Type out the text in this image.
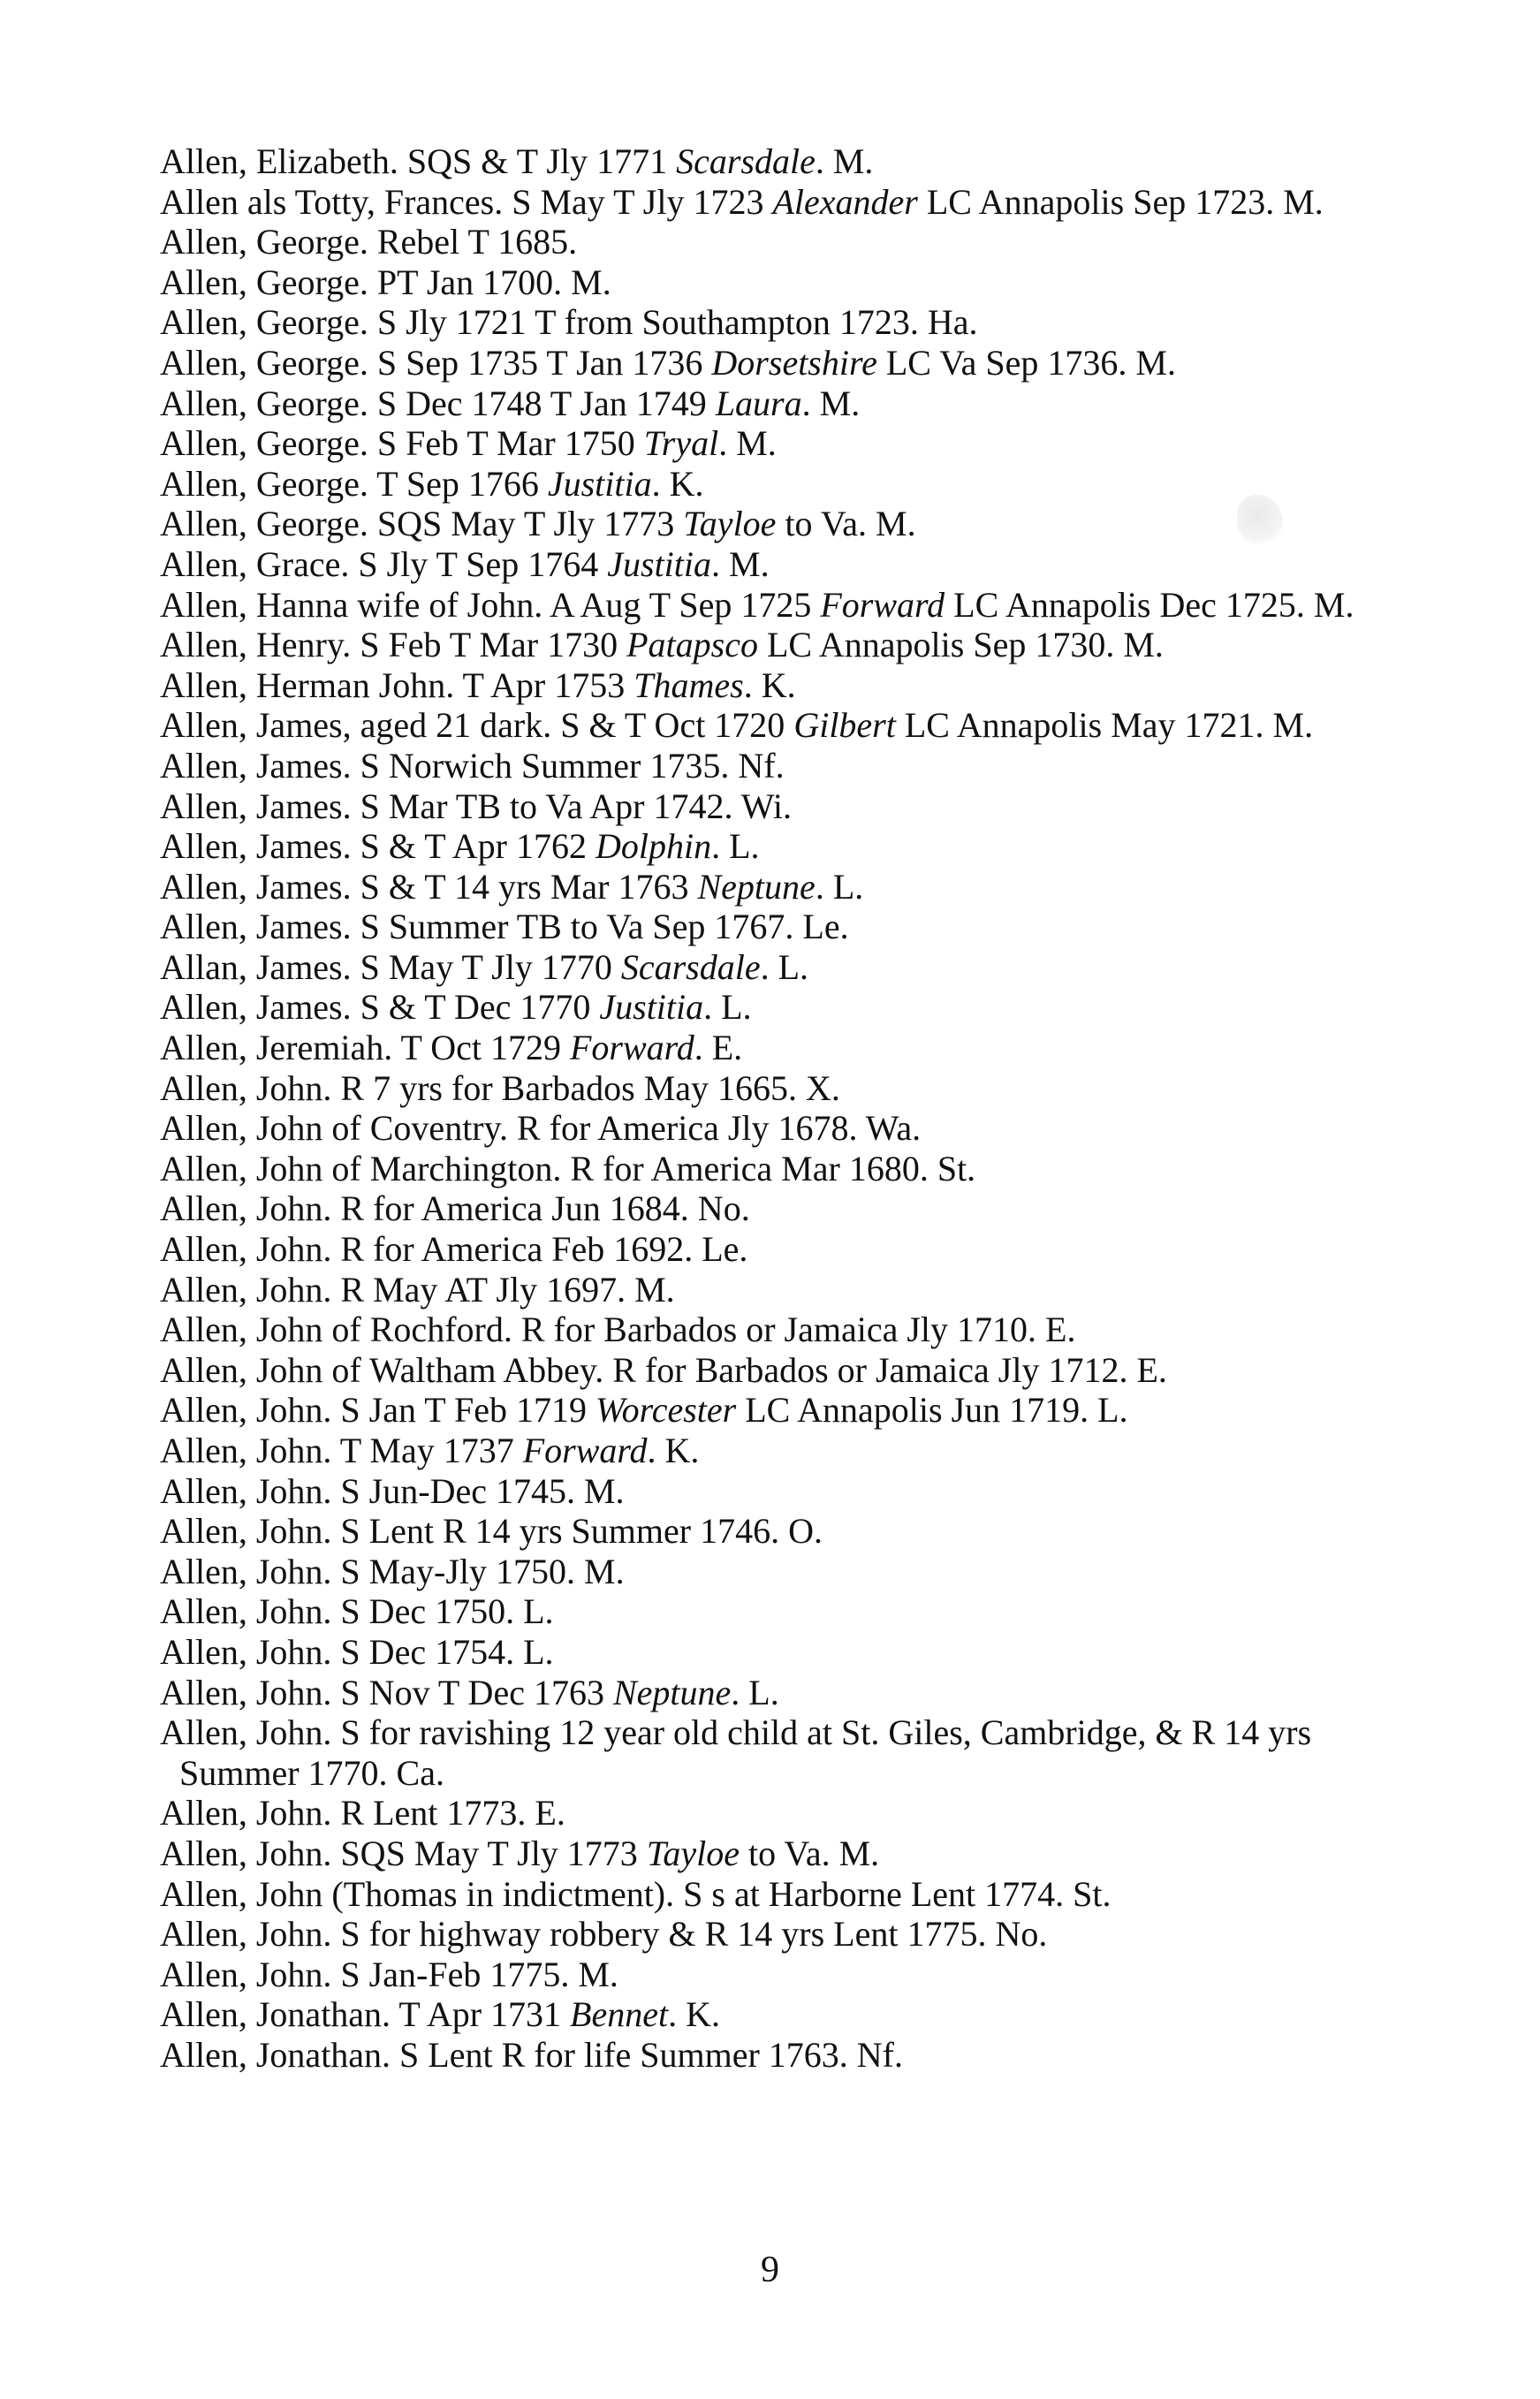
Allen, Elizabeth. SQS & T Jly 1771 Scarsdale. M.
Allen als Totty, Frances. S May T Jly 1723 Alexander LC Annapolis Sep 1723. M.
Allen, George. Rebel T 1685.
Allen, George. PT Jan 1700. M.
Allen, George. S Jly 1721 T from Southampton 1723. Ha.
Allen, George. S Sep 1735 T Jan 1736 Dorsetshire LC Va Sep 1736. M.
Allen, George. S Dec 1748 T Jan 1749 Laura. M.
Allen, George. S Feb T Mar 1750 Tryal. M.
Allen, George. T Sep 1766 Justitia. K.
Allen, George. SQS May T Jly 1773 Tayloe to Va. M.
Allen, Grace. S Jly T Sep 1764 Justitia. M.
Allen, Hanna wife of John. A Aug T Sep 1725 Forward LC Annapolis Dec 1725. M.
Allen, Henry. S Feb T Mar 1730 Patapsco LC Annapolis Sep 1730. M.
Allen, Herman John. T Apr 1753 Thames. K.
Allen, James, aged 21 dark. S & T Oct 1720 Gilbert LC Annapolis May 1721. M.
Allen, James. S Norwich Summer 1735. Nf.
Allen, James. S Mar TB to Va Apr 1742. Wi.
Allen, James. S & T Apr 1762 Dolphin. L.
Allen, James. S & T 14 yrs Mar 1763 Neptune. L.
Allen, James. S Summer TB to Va Sep 1767. Le.
Allan, James. S May T Jly 1770 Scarsdale. L.
Allen, James. S & T Dec 1770 Justitia. L.
Allen, Jeremiah. T Oct 1729 Forward. E.
Allen, John. R 7 yrs for Barbados May 1665. X.
Allen, John of Coventry. R for America Jly 1678. Wa.
Allen, John of Marchington. R for America Mar 1680. St.
Allen, John. R for America Jun 1684. No.
Allen, John. R for America Feb 1692. Le.
Allen, John. R May AT Jly 1697. M.
Allen, John of Rochford. R for Barbados or Jamaica Jly 1710. E.
Allen, John of Waltham Abbey. R for Barbados or Jamaica Jly 1712. E.
Allen, John. S Jan T Feb 1719 Worcester LC Annapolis Jun 1719. L.
Allen, John. T May 1737 Forward. K.
Allen, John. S Jun-Dec 1745. M.
Allen, John. S Lent R 14 yrs Summer 1746. O.
Allen, John. S May-Jly 1750. M.
Allen, John. S Dec 1750. L.
Allen, John. S Dec 1754. L.
Allen, John. S Nov T Dec 1763 Neptune. L.
Allen, John. S for ravishing 12 year old child at St. Giles, Cambridge, & R 14 yrs Summer 1770. Ca.
Allen, John. R Lent 1773. E.
Allen, John. SQS May T Jly 1773 Tayloe to Va. M.
Allen, John (Thomas in indictment). S s at Harborne Lent 1774. St.
Allen, John. S for highway robbery & R 14 yrs Lent 1775. No.
Allen, John. S Jan-Feb 1775. M.
Allen, Jonathan. T Apr 1731 Bennet. K.
Allen, Jonathan. S Lent R for life Summer 1763. Nf.
9
